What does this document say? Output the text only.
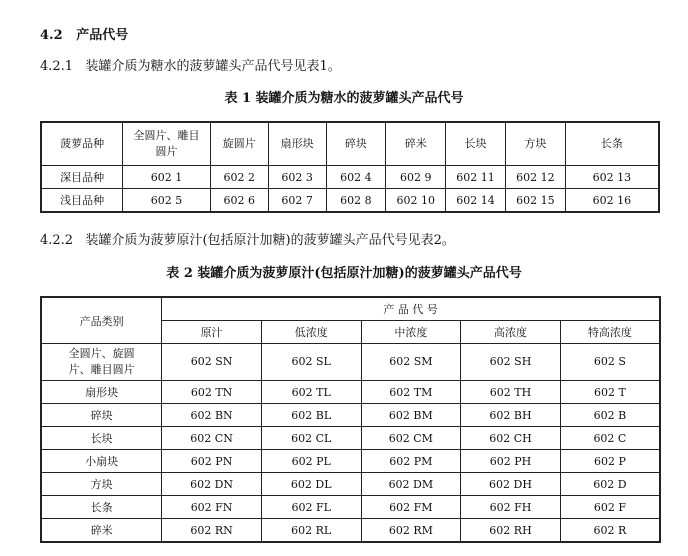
4.2 产品代号
4.2.1 装罐介质为糖水的菠萝罐头产品代号见表1。
表 1 装罐介质为糖水的菠萝罐头产品代号
菠萝品种	全圆片、雕目圆片	旋圆片	扇形块	碎块	碎米	长块	方块	长条
深目品种	602 1	602 2	602 3	602 4	602 9	602 11	602 12	602 13
浅目品种	602 5	602 6	602 7	602 8	602 10	602 14	602 15	602 16
4.2.2 装罐介质为菠萝原汁(包括原汁加糖)的菠萝罐头产品代号见表2。
表 2 装罐介质为菠萝原汁(包括原汁加糖)的菠萝罐头产品代号
产品类别	产 品 代 号				
	原汁	低浓度	中浓度	高浓度	特高浓度
全圆片、旋圆片、雕目圆片	602 SN	602 SL	602 SM	602 SH	602 S
扇形块	602 TN	602 TL	602 TM	602 TH	602 T
碎块	602 BN	602 BL	602 BM	602 BH	602 B
长块	602 CN	602 CL	602 CM	602 CH	602 C
小扇块	602 PN	602 PL	602 PM	602 PH	602 P
方块	602 DN	602 DL	602 DM	602 DH	602 D
长条	602 FN	602 FL	602 FM	602 FH	602 F
碎米	602 RN	602 RL	602 RM	602 RH	602 R
